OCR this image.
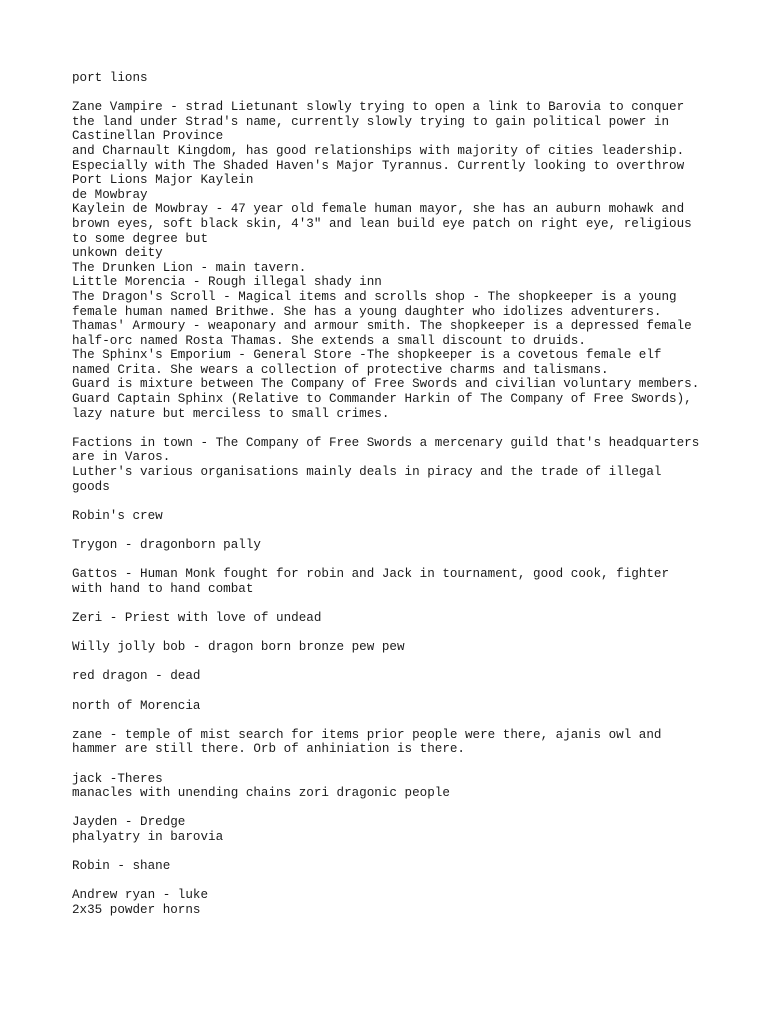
port lions

Zane Vampire - strad Lietunant slowly trying to open a link to Barovia to conquer
the land under Strad's name, currently slowly trying to gain political power in
Castinellan Province
and Charnault Kingdom, has good relationships with majority of cities leadership.
Especially with The Shaded Haven's Major Tyrannus. Currently looking to overthrow
Port Lions Major Kaylein
de Mowbray
Kaylein de Mowbray - 47 year old female human mayor, she has an auburn mohawk and
brown eyes, soft black skin, 4'3" and lean build eye patch on right eye, religious
to some degree but
unkown deity
The Drunken Lion - main tavern.
Little Morencia - Rough illegal shady inn
The Dragon's Scroll - Magical items and scrolls shop - The shopkeeper is a young
female human named Brithwe. She has a young daughter who idolizes adventurers.
Thamas' Armoury - weaponary and armour smith. The shopkeeper is a depressed female
half-orc named Rosta Thamas. She extends a small discount to druids.
The Sphinx's Emporium - General Store -The shopkeeper is a covetous female elf
named Crita. She wears a collection of protective charms and talismans.
Guard is mixture between The Company of Free Swords and civilian voluntary members.
Guard Captain Sphinx (Relative to Commander Harkin of The Company of Free Swords),
lazy nature but merciless to small crimes.

Factions in town - The Company of Free Swords a mercenary guild that's headquarters
are in Varos.
Luther's various organisations mainly deals in piracy and the trade of illegal
goods

Robin's crew

Trygon - dragonborn pally

Gattos - Human Monk fought for robin and Jack in tournament, good cook, fighter
with hand to hand combat

Zeri - Priest with love of undead

Willy jolly bob - dragon born bronze pew pew

red dragon - dead

north of Morencia

zane - temple of mist search for items prior people were there, ajanis owl and
hammer are still there. Orb of anhiniation is there.

jack -Theres
manacles with unending chains zori dragonic people

Jayden - Dredge
phalyatry in barovia

Robin - shane

Andrew ryan - luke
2x35 powder horns
